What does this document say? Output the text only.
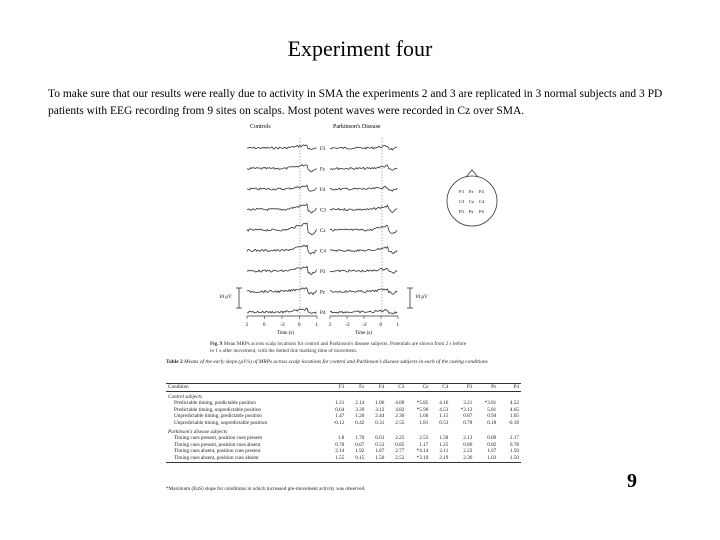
Experiment four
To make sure that our results were really due to activity in SMA the experiments 2 and 3 are replicated in 3 normal subjects and 3 PD patients with EEG recording from 9 sites on scalps. Most potent waves were recorded in Cz over SMA.
Controls	Parkinson's Disease
F3
Fz
F4
C3
Cz
C4
P3
Pz
P4
10 µV	10 µV
3	0	-2	0	1 3	-2	-2	0	1
Time (s)	Time (s)
F3 Fz F4
C3 Cz C4
P3 Pz P4
Fig. 9 Mean MRPs across scalp locations for control and Parkinson's disease subjects. Potentials are shown from 2 s before to 1 s after movement, with the dotted line marking time of movement.
Table 2 Means of the early slope (µV/s) of MRPs across scalp locations for control and Parkinson's disease subjects in each of the cueing conditions
Condition	F3	Fz	F4	C3	Cz	C4	P3	Pz	P4
Control subjects									
Predictable timing, predictable position	1.21	2.14	1.06	4.00	*5.85	4.16	3.21	*3.81	4.52
Predictable timing, unpredictable position	0.64	3.39	3.12	4.82	*5.90	4.53	*3.12	5.81	4.65
Unpredictable timing, predictable position	1.47	1.20	2.44	2.30	1.00	1.15	0.87	0.94	1.05
Unpredictable timing, unpredictable position	-0.12	0.42	0.31	2.55	1.81	0.53	0.78	0.18	-0.18
Parkinson's disease subjects									
Timing cues present, position cues present	1.8	1.70	0.63	2.25	2.53	1.58	2.13	0.89	2.17
Timing cues present, position cues absent	0.78	0.07	0.53	0.85	1.17	1.25	0.86	0.82	0.78
Timing cues absent, position cues present	2.14	1.92	1.87	2.77	*4.14	2.11	2.22	1.67	1.50
Timing cues absent, position cues absent	1.55	0.15	1.50	2.52	*3.19	2.19	2.36	1.03	1.50
*Maximum (EnS) slope for conditions in which increased pre-movement activity was observed.	9
